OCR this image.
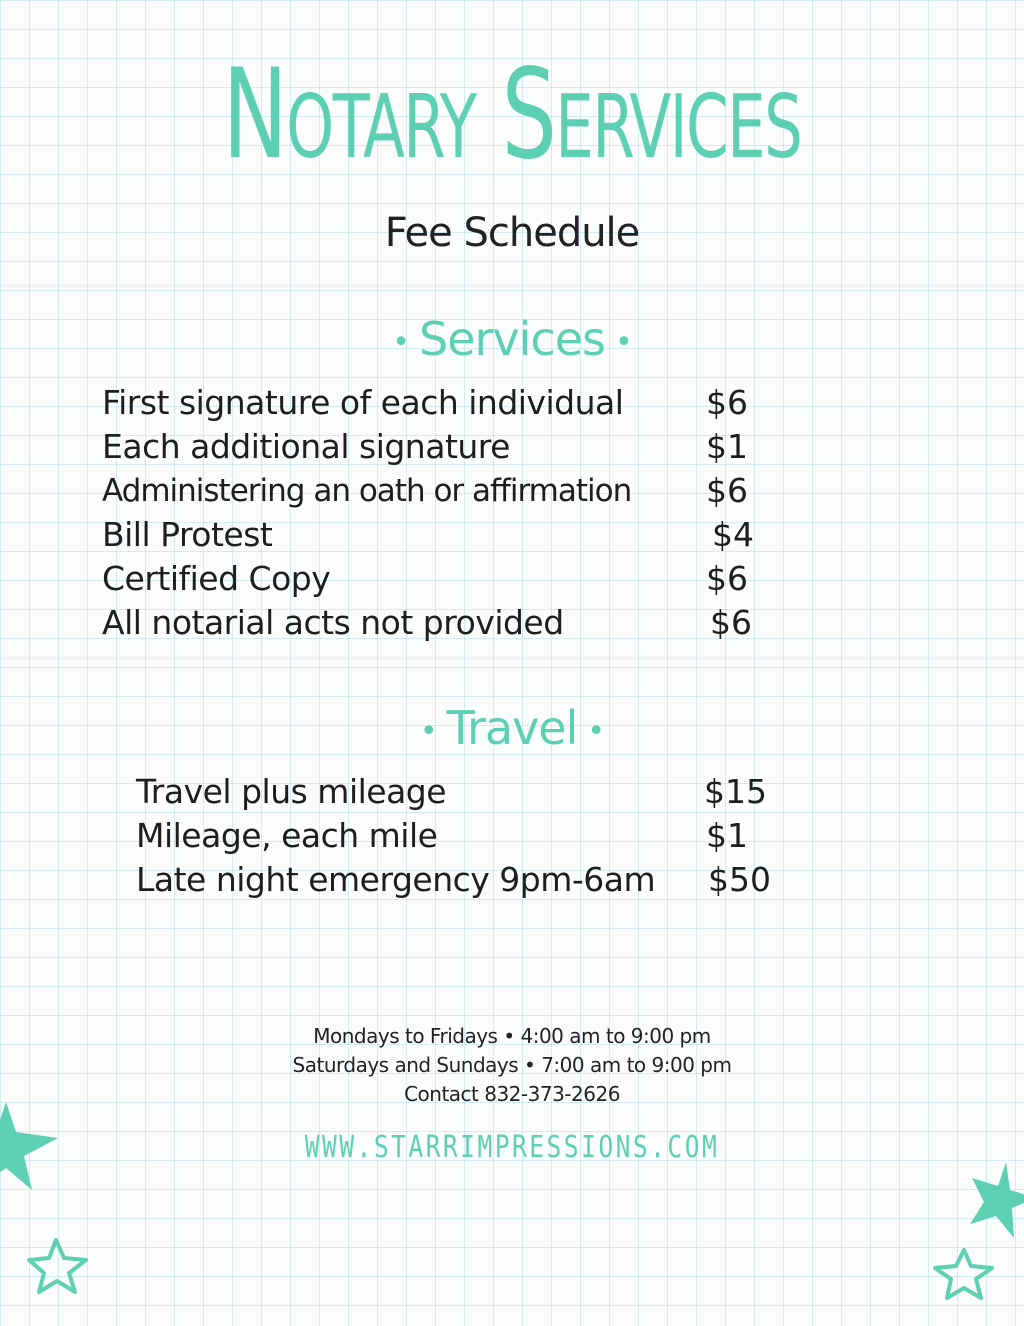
Notary Services
Fee Schedule
• Services •
First signature of each individual	$6
Each additional signature	$1
Administering an oath or affirmation $6
Bill Protest	$4
Certified Copy	$6
All notarial acts not provided	$6
• Travel •
Travel plus mileage	$15
Mileage, each mile	$1
Late night emergency 9pm-6am $50
Mondays to Fridays • 4:00 am to 9:00 pm
Saturdays and Sundays • 7:00 am to 9:00 pm
Contact 832-373-2626
WWW.STARRIMPRESSIONS.COM
